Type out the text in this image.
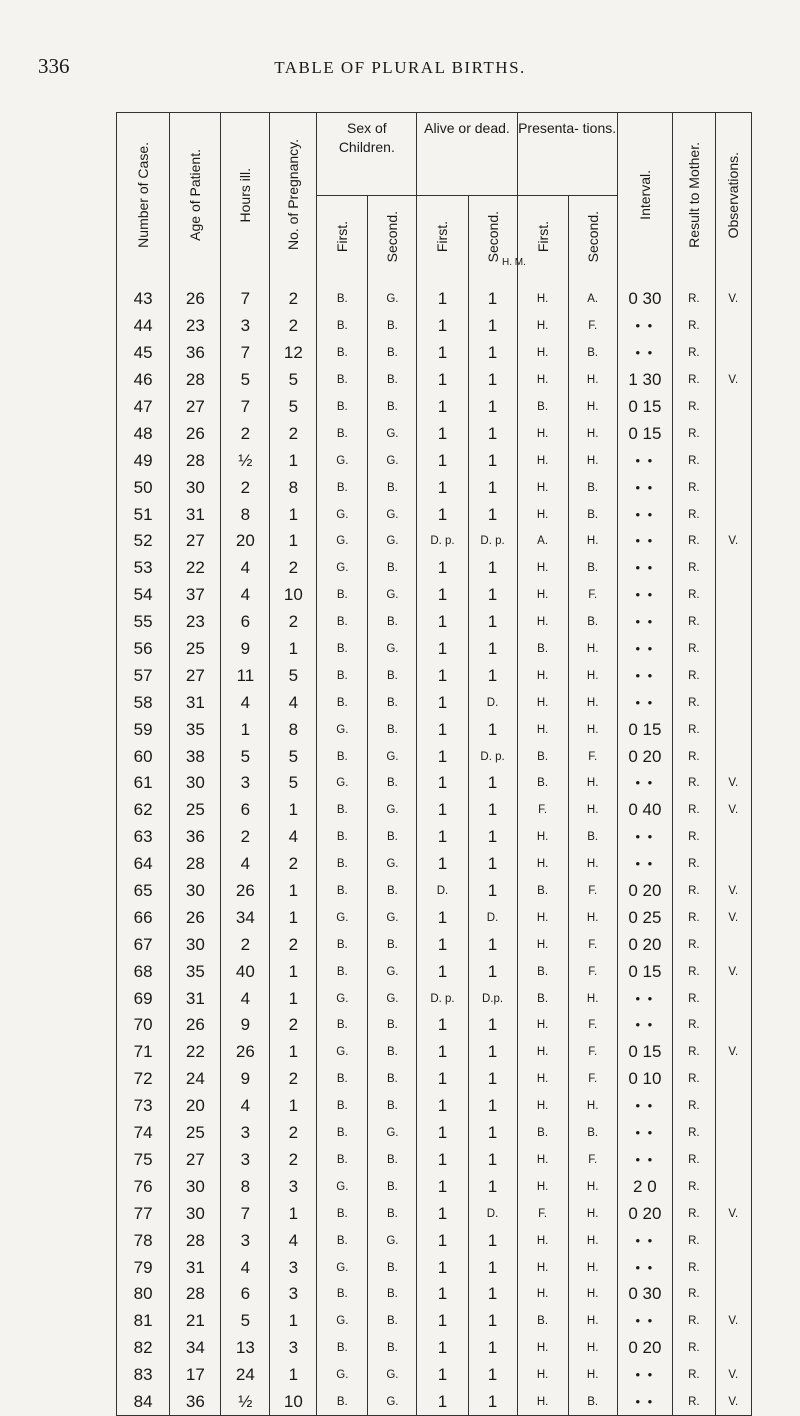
336	TABLE OF PLURAL BIRTHS.
Number of Case.	Age of Patient.	Hours ill.	No. of Pregnancy.	Sex of Children.		Alive or dead.		Presenta- tions.		Interval.	Result to Mother.	Observations.
				First.	Second.	First.	Second.	First.	Second.			
43	26	7	2	B.	G.	1	1	H.	A.	0 30	R.	V.
44	23	3	2	B.	B.	1	1	H.	F.	• •	R.	
45	36	7	12	B.	B.	1	1	H.	B.	• •	R.	
46	28	5	5	B.	B.	1	1	H.	H.	1 30	R.	V.
47	27	7	5	B.	B.	1	1	B.	H.	0 15	R.	
48	26	2	2	B.	G.	1	1	H.	H.	0 15	R.	
49	28	½	1	G.	G.	1	1	H.	H.	• •	R.	
50	30	2	8	B.	B.	1	1	H.	B.	• •	R.	
51	31	8	1	G.	G.	1	1	H.	B.	• •	R.	
52	27	20	1	G.	G.	D. p.	D. p.	A.	H.	• •	R.	V.
53	22	4	2	G.	B.	1	1	H.	B.	• •	R.	
54	37	4	10	B.	G.	1	1	H.	F.	• •	R.	
55	23	6	2	B.	B.	1	1	H.	B.	• •	R.	
56	25	9	1	B.	G.	1	1	B.	H.	• •	R.	
57	27	11	5	B.	B.	1	1	H.	H.	• •	R.	
58	31	4	4	B.	B.	1	D.	H.	H.	• •	R.	
59	35	1	8	G.	B.	1	1	H.	H.	0 15	R.	
60	38	5	5	B.	G.	1	D. p.	B.	F.	0 20	R.	
61	30	3	5	G.	B.	1	1	B.	H.	• •	R.	V.
62	25	6	1	B.	G.	1	1	F.	H.	0 40	R.	V.
63	36	2	4	B.	B.	1	1	H.	B.	• •	R.	
64	28	4	2	B.	G.	1	1	H.	H.	• •	R.	
65	30	26	1	B.	B.	D.	1	B.	F.	0 20	R.	V.
66	26	34	1	G.	G.	1	D.	H.	H.	0 25	R.	V.
67	30	2	2	B.	B.	1	1	H.	F.	0 20	R.	
68	35	40	1	B.	G.	1	1	B.	F.	0 15	R.	V.
69	31	4	1	G.	G.	D. p.	D.p.	B.	H.	• •	R.	
70	26	9	2	B.	B.	1	1	H.	F.	• •	R.	
71	22	26	1	G.	B.	1	1	H.	F.	0 15	R.	V.
72	24	9	2	B.	B.	1	1	H.	F.	0 10	R.	
73	20	4	1	B.	B.	1	1	H.	H.	• •	R.	
74	25	3	2	B.	G.	1	1	B.	B.	• •	R.	
75	27	3	2	B.	B.	1	1	H.	F.	• •	R.	
76	30	8	3	G.	B.	1	1	H.	H.	2 0	R.	
77	30	7	1	B.	B.	1	D.	F.	H.	0 20	R.	V.
78	28	3	4	B.	G.	1	1	H.	H.	• •	R.	
79	31	4	3	G.	B.	1	1	H.	H.	• •	R.	
80	28	6	3	B.	B.	1	1	H.	H.	0 30	R.	
81	21	5	1	G.	B.	1	1	B.	H.	• •	R.	V.
82	34	13	3	B.	B.	1	1	H.	H.	0 20	R.	
83	17	24	1	G.	G.	1	1	H.	H.	• •	R.	V.
84	36	½	10	B.	G.	1	1	H.	B.	• •	R.	V.
H. M.
